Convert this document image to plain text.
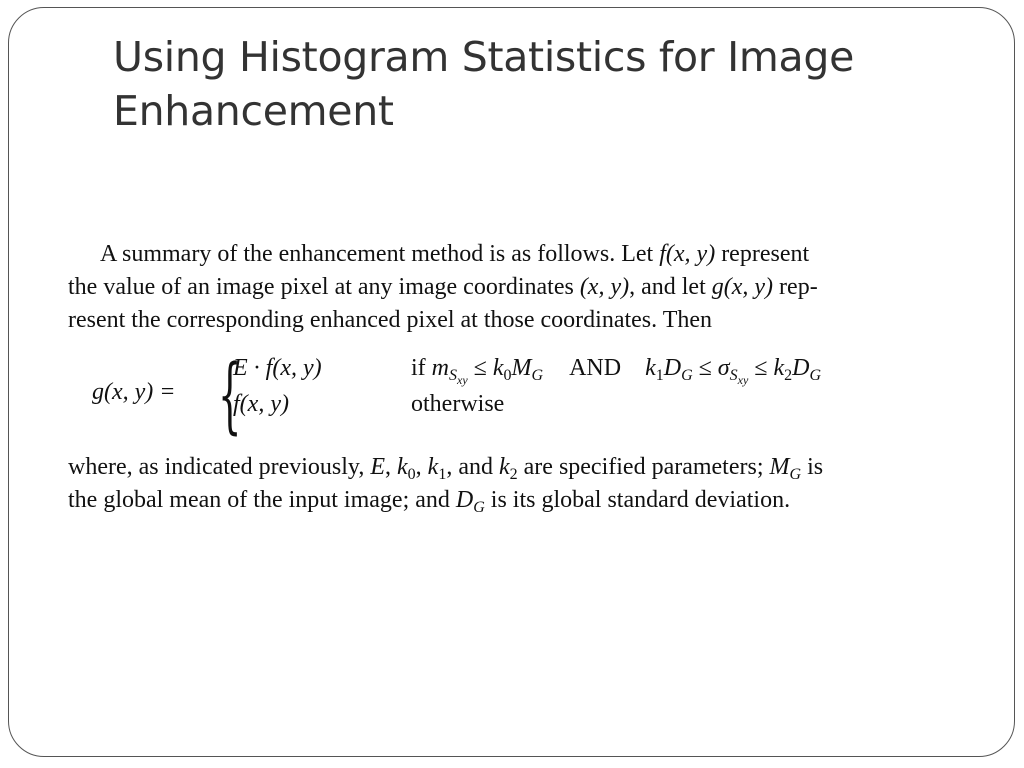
Using Histogram Statistics for Image Enhancement

A summary of the enhancement method is as follows. Let f(x, y) represent
the value of an image pixel at any image coordinates (x, y), and let g(x, y) rep-
resent the corresponding enhanced pixel at those coordinates. Then

g(x, y) = {
E · f(x, y)	if $m_{S_{xy}} \le k_0M_G$ AND $k_1D_G \le \sigma_{S_{xy}} \le k_2D_G$
f(x, y)	otherwise

where, as indicated previously, E, $k_0$, $k_1$, and $k_2$ are specified parameters; $M_G$ is
the global mean of the input image; and $D_G$ is its global standard deviation.
